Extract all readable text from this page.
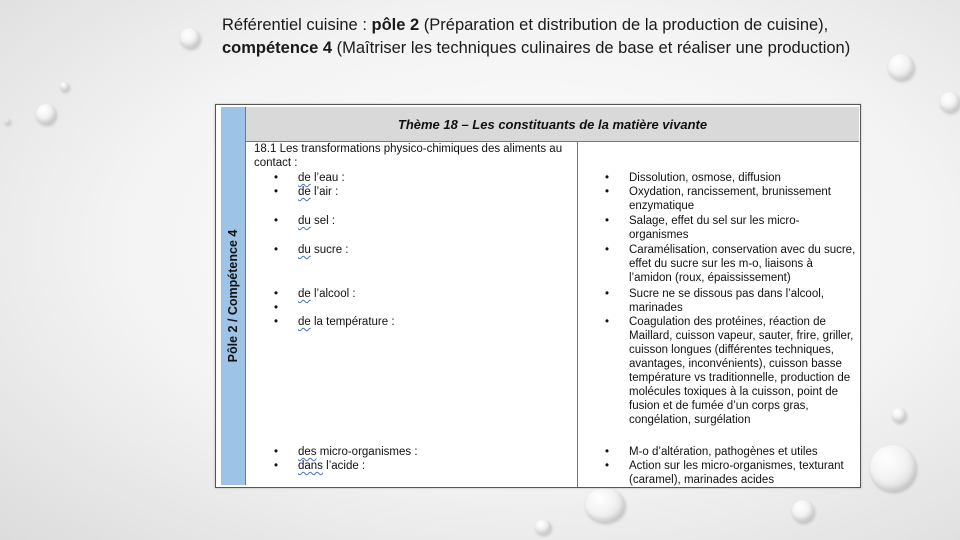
Référentiel cuisine : pôle 2 (Préparation et distribution de la production de cuisine), compétence 4 (Maîtriser les techniques culinaires de base et réaliser une production)
Pôle 2 / Compétence 4
Thème 18 – Les constituants de la matière vivante
18.1 Les transformations physico-chimiques des aliments au contact :
• de l’eau :
• de l’air :
• du sel :
• du sucre :
• de l’alcool :
•
• de la température :
• des micro-organismes :
• dans l’acide :
• Dissolution, osmose, diffusion
• Oxydation, rancissement, brunissement enzymatique
• Salage, effet du sel sur les micro-organismes
• Caramélisation, conservation avec du sucre, effet du sucre sur les m-o, liaisons à l’amidon (roux, épaississement)
• Sucre ne se dissous pas dans l’alcool, marinades
• Coagulation des protéines, réaction de Maillard, cuisson vapeur, sauter, frire, griller, cuisson longues (différentes techniques, avantages, inconvénients), cuisson basse température vs traditionnelle, production de molécules toxiques à la cuisson, point de fusion et de fumée d’un corps gras, congélation, surgélation
• M-o d’altération, pathogènes et utiles
• Action sur les micro-organismes, texturant (caramel), marinades acides
